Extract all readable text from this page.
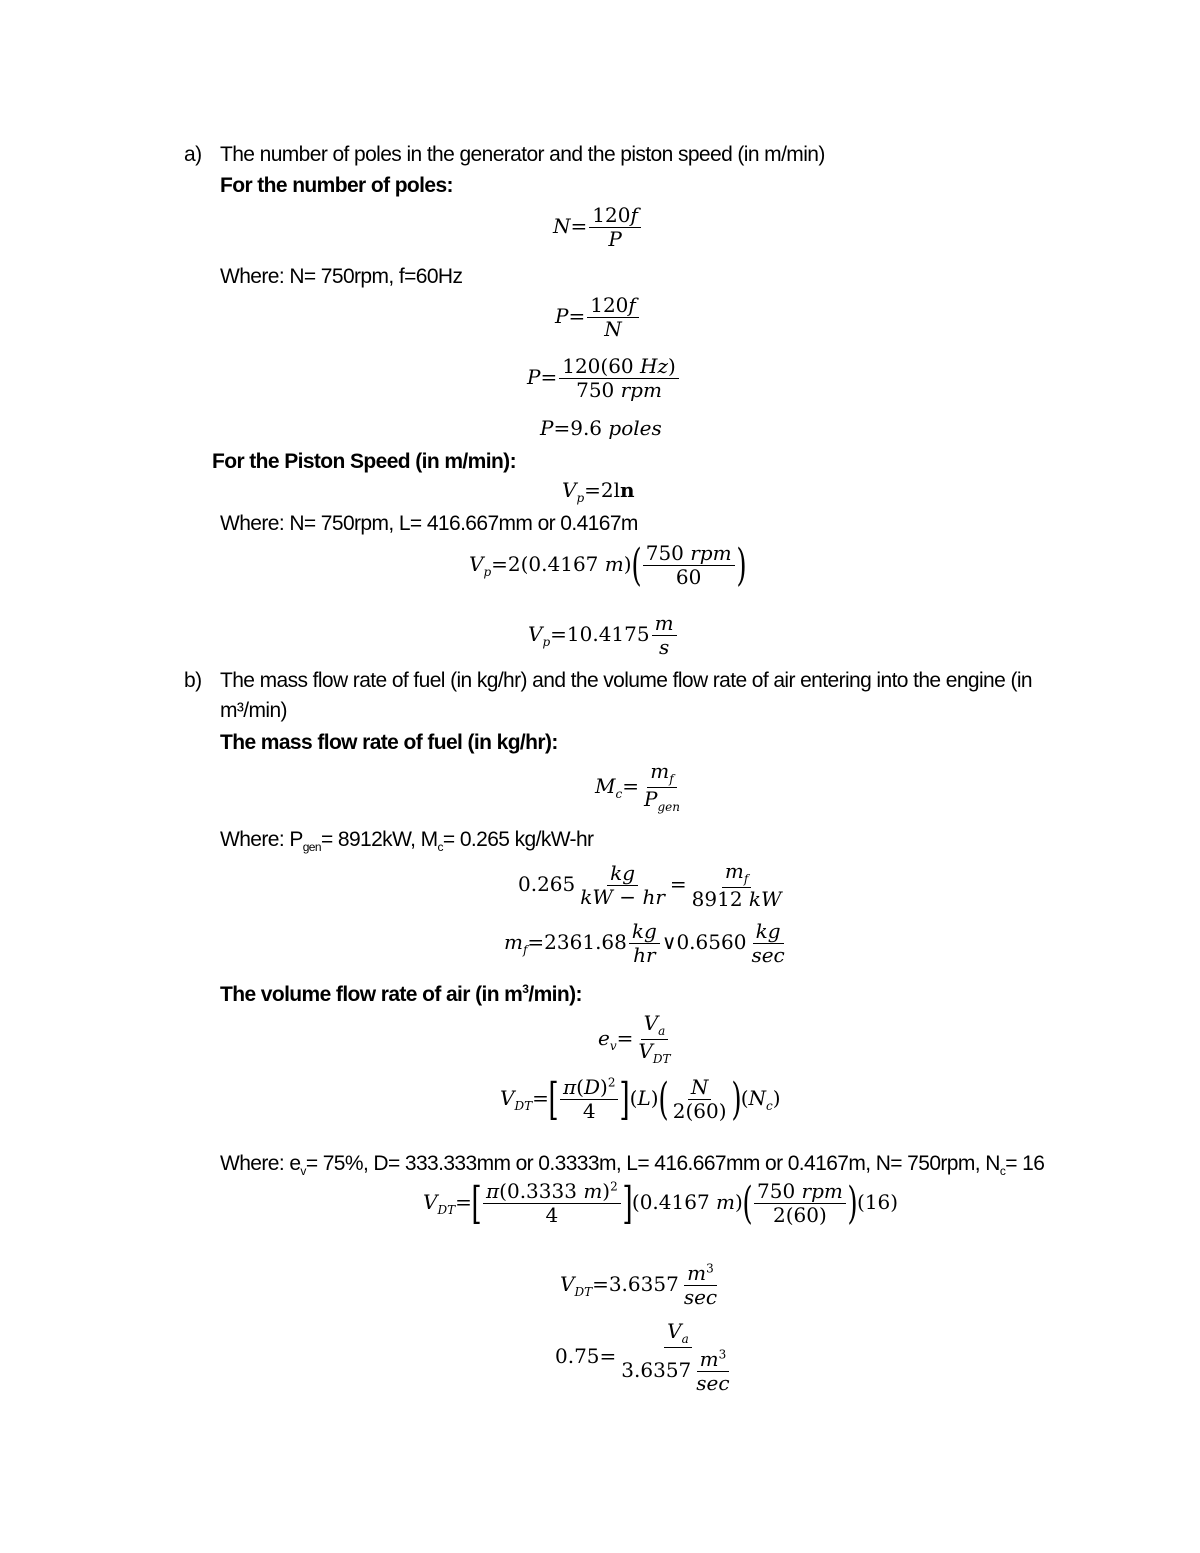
a) The number of poles in the generator and the piston speed (in m/min)
For the number of poles:
$N= \frac{120f}{P}$
Where: N= 750rpm, f=60Hz
$P= \frac{120f}{N}$
$P= \frac{120(60 Hz)}{\text{750 rpm}}$
P=9.6 poles
For the Piston Speed (in m/min):
$V_p=2\ln$
Where: N= 750rpm, L= 416.667mm or 0.4167m
$V_p=2(0.4167$ $m)( \frac{\text{750 rpm}}{60}$ )
$V_p=10.4175 \frac{m}{s}$
b) The mass flow rate of fuel (in kg/hr) and the volume flow rate of air entering into the engine (in
m³/min)
The mass flow rate of fuel (in kg/hr):
$M_c= \frac{m_f}{P_{gen}}$
Where: $P_{gen}= 8912kW$, $M_c= 0.265$ kg/kW-hr
$0.265 \frac{kg}{kW - hr} = \frac{m_f}{8912 kW}$
$m_f=2361.68 \frac{kg}{hr}$ ∨0.6560 $\frac{kg}{\sec}$
The volume flow rate of air (in $m^3/\min$):
$e_v= \frac{V_a}{V_{DT}}$
$V_{DT}=[ \frac{\pi(D)^2}{4} ](L)( \frac{N}{2(60)} )(N_c)$
Where: $e_v= 75\%$, D= 333.333mm or 0.3333m, L= 416.667mm or 0.4167m, N= 750rpm, $N_c= 16$
$V_{DT}=[ \frac{\pi(0.3333 m)^2}{4} ](0.4167$ $m)( \frac{\text{750 rpm}}{2(60)} )(16)$
$V_{DT}=3.6357 \frac{m^3}{\sec}$
$0.75= \frac{V_a}{3.6357 \frac{m^3}{\sec}}$
